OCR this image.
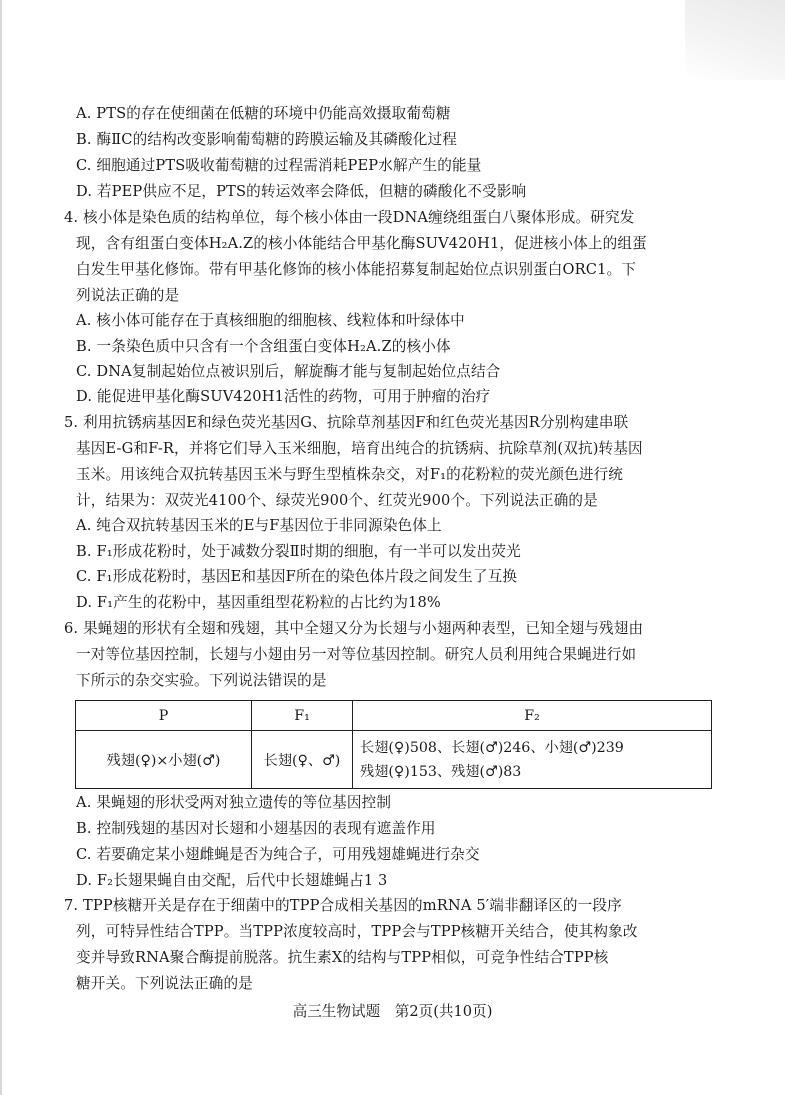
A. PTS的存在使细菌在低糖的环境中仍能高效摄取葡萄糖
B. 酶ⅡC的结构改变影响葡萄糖的跨膜运输及其磷酸化过程
C. 细胞通过PTS吸收葡萄糖的过程需消耗PEP水解产生的能量
D. 若PEP供应不足，PTS的转运效率会降低，但糖的磷酸化不受影响
4. 核小体是染色质的结构单位，每个核小体由一段DNA缠绕组蛋白八聚体形成。研究发
现，含有组蛋白变体H₂A.Z的核小体能结合甲基化酶SUV420H1，促进核小体上的组蛋
白发生甲基化修饰。带有甲基化修饰的核小体能招募复制起始位点识别蛋白ORC1。下
列说法正确的是
A. 核小体可能存在于真核细胞的细胞核、线粒体和叶绿体中
B. 一条染色质中只含有一个含组蛋白变体H₂A.Z的核小体
C. DNA复制起始位点被识别后，解旋酶才能与复制起始位点结合
D. 能促进甲基化酶SUV420H1活性的药物，可用于肿瘤的治疗
5. 利用抗锈病基因E和绿色荧光基因G、抗除草剂基因F和红色荧光基因R分别构建串联
基因E-G和F-R，并将它们导入玉米细胞，培育出纯合的抗锈病、抗除草剂(双抗)转基因
玉米。用该纯合双抗转基因玉米与野生型植株杂交，对F₁的花粉粒的荧光颜色进行统
计，结果为：双荧光4100个、绿荧光900个、红荧光900个。下列说法正确的是
A. 纯合双抗转基因玉米的E与F基因位于非同源染色体上
B. F₁形成花粉时，处于减数分裂Ⅱ时期的细胞，有一半可以发出荧光
C. F₁形成花粉时，基因E和基因F所在的染色体片段之间发生了互换
D. F₁产生的花粉中，基因重组型花粉粒的占比约为18%
6. 果蝇翅的形状有全翅和残翅，其中全翅又分为长翅与小翅两种表型，已知全翅与残翅由
一对等位基因控制，长翅与小翅由另一对等位基因控制。研究人员利用纯合果蝇进行如
下所示的杂交实验。下列说法错误的是
P	F₁	F₂
残翅(♀)×小翅(♂)	长翅(♀、♂)	长翅(♀)508、长翅(♂)246、小翅(♂)239
残翅(♀)153、残翅(♂)83
A. 果蝇翅的形状受两对独立遗传的等位基因控制
B. 控制残翅的基因对长翅和小翅基因的表现有遮盖作用
C. 若要确定某小翅雌蝇是否为纯合子，可用残翅雄蝇进行杂交
D. F₂长翅果蝇自由交配，后代中长翅雄蝇占1 3
7. TPP核糖开关是存在于细菌中的TPP合成相关基因的mRNA 5′端非翻译区的一段序
列，可特异性结合TPP。当TPP浓度较高时，TPP会与TPP核糖开关结合，使其构象改
变并导致RNA聚合酶提前脱落。抗生素X的结构与TPP相似，可竞争性结合TPP核
糖开关。下列说法正确的是
高三生物试题　第2页(共10页)
